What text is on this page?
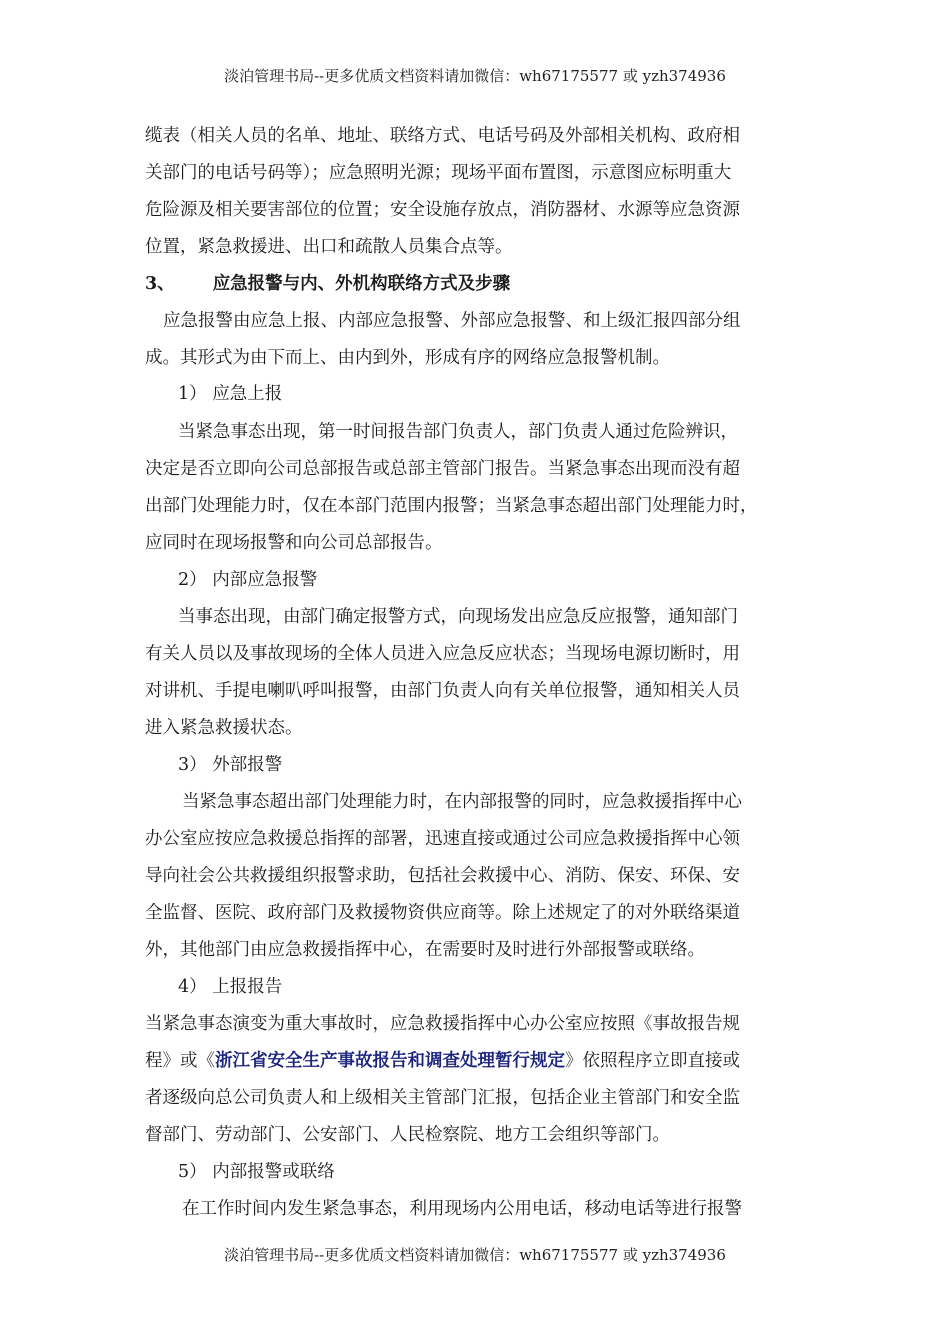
淡泊管理书局--更多优质文档资料请加微信：wh67175577 或 yzh374936
缆表（相关人员的名单、地址、联络方式、电话号码及外部相关机构、政府相
关部门的电话号码等）；应急照明光源；现场平面布置图，示意图应标明重大
危险源及相关要害部位的位置；安全设施存放点，消防器材、水源等应急资源
位置，紧急救援进、出口和疏散人员集合点等。
3、 应急报警与内、外机构联络方式及步骤
应急报警由应急上报、内部应急报警、外部应急报警、和上级汇报四部分组
成。其形式为由下而上、由内到外，形成有序的网络应急报警机制。
1） 应急上报
当紧急事态出现，第一时间报告部门负责人，部门负责人通过危险辨识，
决定是否立即向公司总部报告或总部主管部门报告。当紧急事态出现而没有超
出部门处理能力时，仅在本部门范围内报警；当紧急事态超出部门处理能力时，
应同时在现场报警和向公司总部报告。
2） 内部应急报警
当事态出现，由部门确定报警方式，向现场发出应急反应报警，通知部门
有关人员以及事故现场的全体人员进入应急反应状态；当现场电源切断时，用
对讲机、手提电喇叭呼叫报警，由部门负责人向有关单位报警，通知相关人员
进入紧急救援状态。
3） 外部报警
当紧急事态超出部门处理能力时，在内部报警的同时，应急救援指挥中心
办公室应按应急救援总指挥的部署，迅速直接或通过公司应急救援指挥中心领
导向社会公共救援组织报警求助，包括社会救援中心、消防、保安、环保、安
全监督、医院、政府部门及救援物资供应商等。除上述规定了的对外联络渠道
外，其他部门由应急救援指挥中心，在需要时及时进行外部报警或联络。
4） 上报报告
当紧急事态演变为重大事故时，应急救援指挥中心办公室应按照《事故报告规
程》或《浙江省安全生产事故报告和调查处理暂行规定》依照程序立即直接或
者逐级向总公司负责人和上级相关主管部门汇报，包括企业主管部门和安全监
督部门、劳动部门、公安部门、人民检察院、地方工会组织等部门。
5） 内部报警或联络
在工作时间内发生紧急事态，利用现场内公用电话，移动电话等进行报警
淡泊管理书局--更多优质文档资料请加微信：wh67175577 或 yzh374936
